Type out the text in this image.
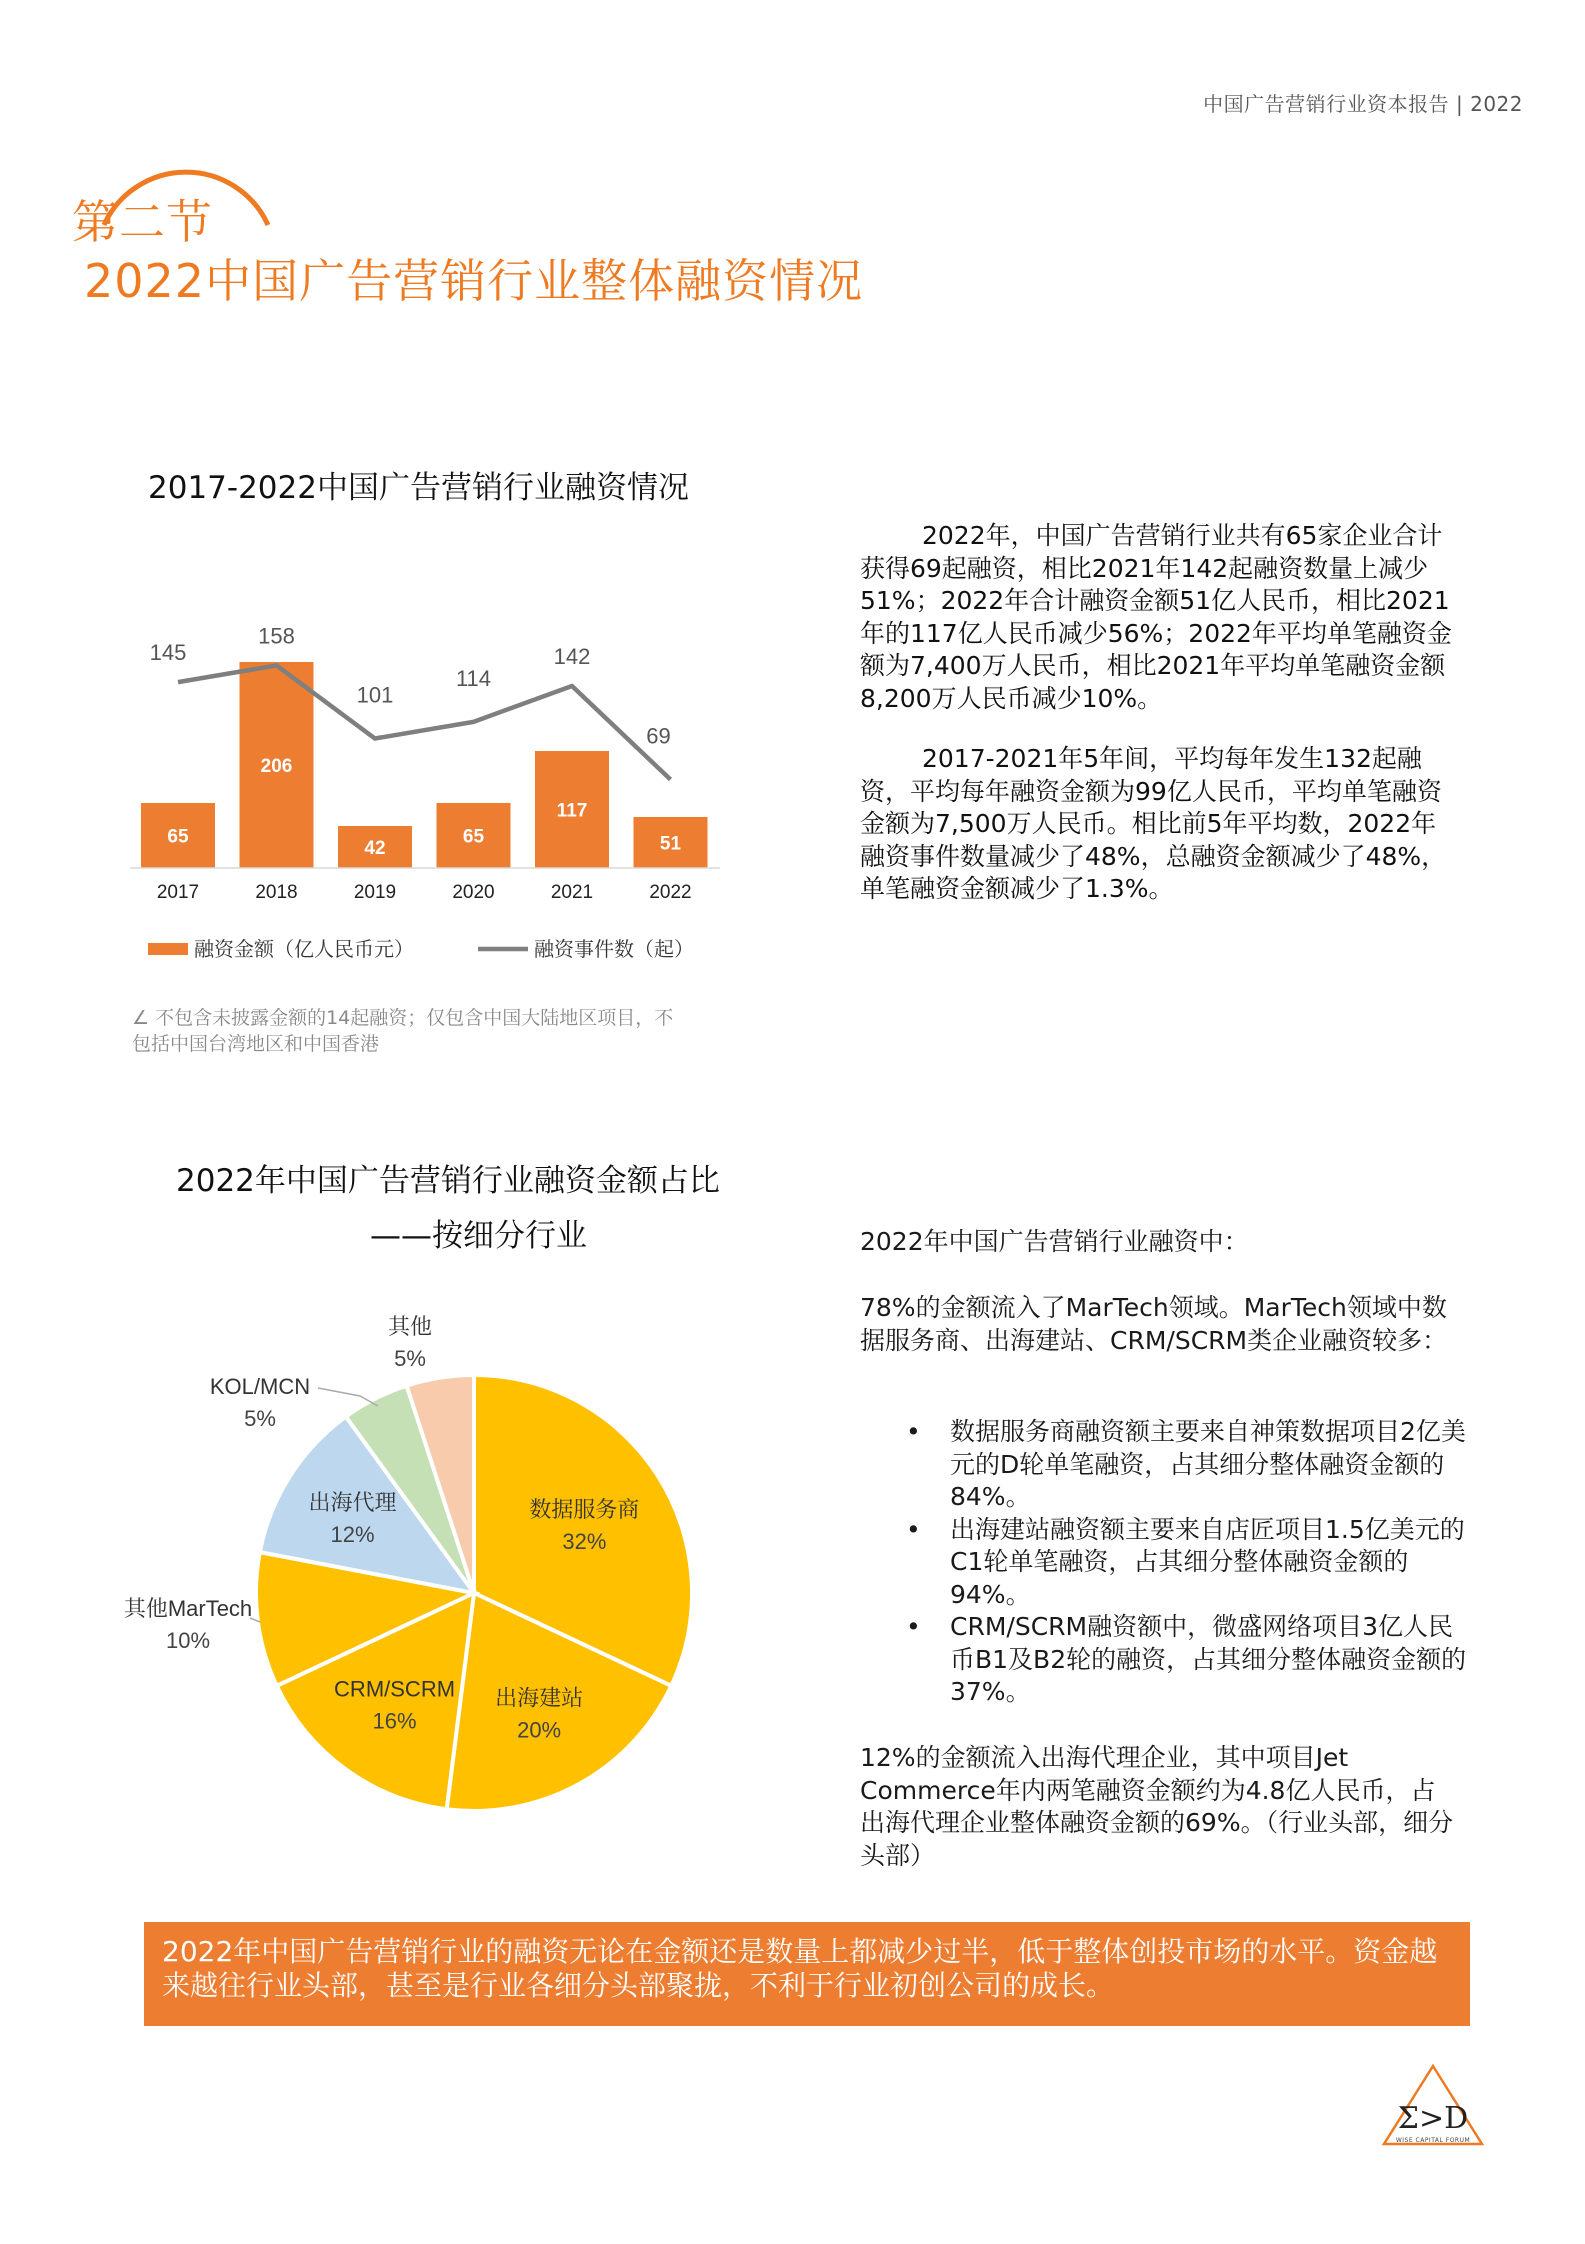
中国广告营销行业资本报告 | 2022
第二节
2022中国广告营销行业整体融资情况
2017-2022中国广告营销行业融资情况
65
2017
206
2018
42
2019
65
2020
117
2021
51
2022
145
158
101
114
142
69
融资金额（亿人民币元）	融资事件数（起）
∠ 不包含未披露金额的14起融资；仅包含中国大陆地区项目，不包括中国台湾地区和中国香港
2022年，中国广告营销行业共有65家企业合计获得69起融资，相比2021年142起融资数量上减少51%；2022年合计融资金额51亿人民币，相比2021年的117亿人民币减少56%；2022年平均单笔融资金额为7,400万人民币，相比2021年平均单笔融资金额8,200万人民币减少10%。
2017-2021年5年间，平均每年发生132起融资，平均每年融资金额为99亿人民币，平均单笔融资金额为7,500万人民币。相比前5年平均数，2022年融资事件数量减少了48%，总融资金额减少了48%，单笔融资金额减少了1.3%。
2022年中国广告营销行业融资金额占比
——按细分行业
数据服务商
32%
出海建站
20%
CRM/SCRM
16%
其他MarTech
10%
出海代理
12%
KOL/MCN
5%
其他
5%
2022年中国广告营销行业融资中：
78%的金额流入了MarTech领域。MarTech领域中数据服务商、出海建站、CRM/SCRM类企业融资较多：
• 数据服务商融资额主要来自神策数据项目2亿美元的D轮单笔融资，占其细分整体融资金额的84%。
• 出海建站融资额主要来自店匠项目1.5亿美元的C1轮单笔融资，占其细分整体融资金额的94%。
• CRM/SCRM融资额中，微盛网络项目3亿人民币B1及B2轮的融资，占其细分整体融资金额的37%。
12%的金额流入出海代理企业，其中项目Jet Commerce年内两笔融资金额约为4.8亿人民币，占出海代理企业整体融资金额的69%。（行业头部，细分头部）
2022年中国广告营销行业的融资无论在金额还是数量上都减少过半，低于整体创投市场的水平。资金越来越往行业头部，甚至是行业各细分头部聚拢，不利于行业初创公司的成长。
Σ>D
WISE CAPITAL FORUM
